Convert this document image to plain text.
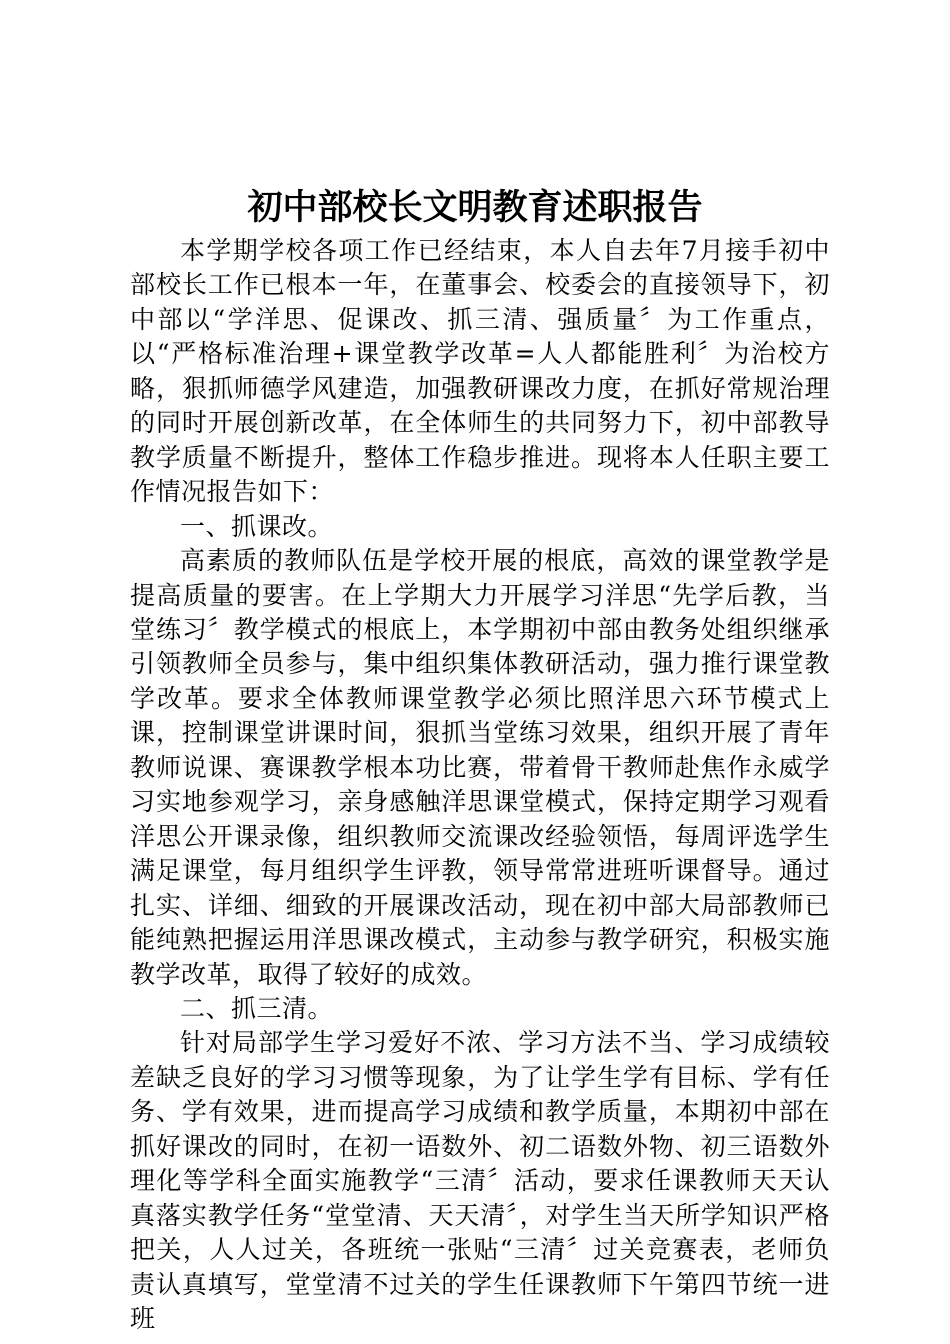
初中部校长文明教育述职报告

本学期学校各项工作已经结束，本人自去年7月接手初中部校长工作已根本一年，在董事会、校委会的直接领导下，初中部以“学洋思、促课改、抓三清、强质量〞为工作重点，以“严格标准治理+课堂教学改革=人人都能胜利〞为治校方略，狠抓师德学风建造，加强教研课改力度，在抓好常规治理的同时开展创新改革，在全体师生的共同努力下，初中部教导教学质量不断提升，整体工作稳步推进。现将本人任职主要工作情况报告如下：

一、抓课改。

高素质的教师队伍是学校开展的根底，高效的课堂教学是提高质量的要害。在上学期大力开展学习洋思“先学后教，当堂练习〞教学模式的根底上，本学期初中部由教务处组织继承引领教师全员参与，集中组织集体教研活动，强力推行课堂教学改革。要求全体教师课堂教学必须比照洋思六环节模式上课，控制课堂讲课时间，狠抓当堂练习效果，组织开展了青年教师说课、赛课教学根本功比赛，带着骨干教师赴焦作永威学习实地参观学习，亲身感触洋思课堂模式，保持定期学习观看洋思公开课录像，组织教师交流课改经验领悟，每周评选学生满足课堂，每月组织学生评教，领导常常进班听课督导。通过扎实、详细、细致的开展课改活动，现在初中部大局部教师已能纯熟把握运用洋思课改模式，主动参与教学研究，积极实施教学改革，取得了较好的成效。

二、抓三清。

针对局部学生学习爱好不浓、学习方法不当、学习成绩较差缺乏良好的学习习惯等现象，为了让学生学有目标、学有任务、学有效果，进而提高学习成绩和教学质量，本期初中部在抓好课改的同时，在初一语数外、初二语数外物、初三语数外理化等学科全面实施教学“三清〞活动，要求任课教师天天认真落实教学任务“堂堂清、天天清〞，对学生当天所学知识严格把关，人人过关，各班统一张贴“三清〞过关竞赛表，老师负责认真填写，堂堂清不过关的学生任课教师下午第四节统一进班
